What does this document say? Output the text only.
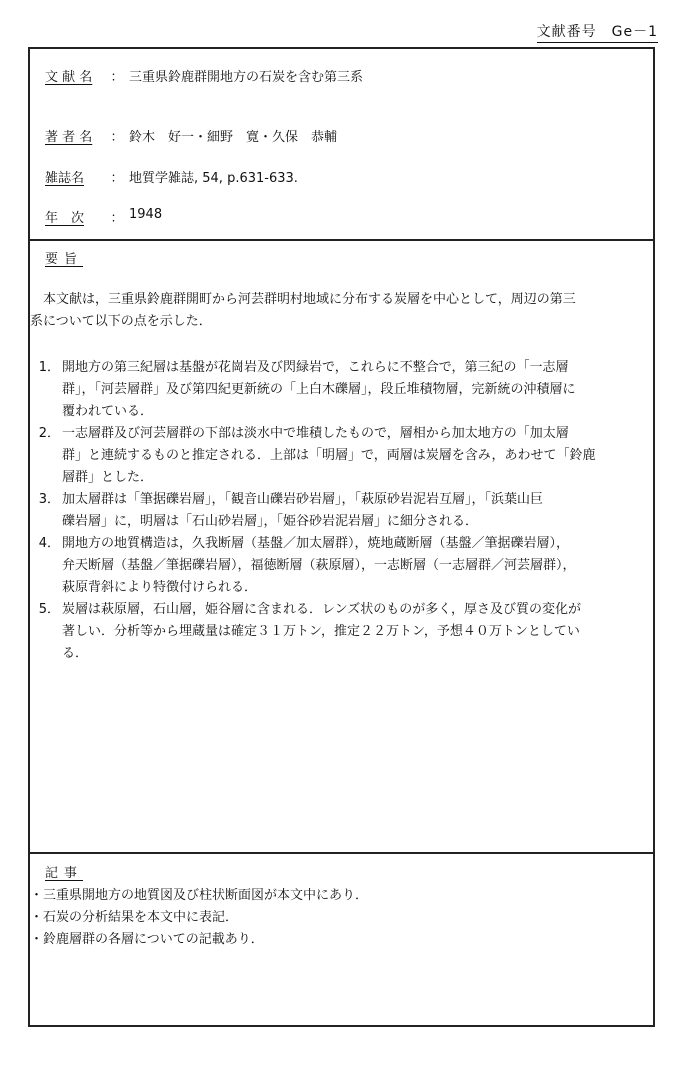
文献番号　Ge－1
文 献 名	： 三重県鈴鹿群開地方の石炭を含む第三系
著 者 名	： 鈴木　好一・細野　寛・久保　恭輔
雑誌名	： 地質学雑誌, 54, p.631-633.
年　次	： 1948
要旨
　本文献は，三重県鈴鹿群開町から河芸群明村地域に分布する炭層を中心として，周辺の第三
系について以下の点を示した．
1． 開地方の第三紀層は基盤が花崗岩及び閃緑岩で，これらに不整合で，第三紀の「一志層
群」，「河芸層群」及び第四紀更新統の「上白木礫層」，段丘堆積物層，完新統の沖積層に
覆われている．
2． 一志層群及び河芸層群の下部は淡水中で堆積したもので，層相から加太地方の「加太層
群」と連続するものと推定される．上部は「明層」で，両層は炭層を含み，あわせて「鈴鹿
層群」とした．
3． 加太層群は「筆据礫岩層」，「観音山礫岩砂岩層」，「萩原砂岩泥岩互層」，「浜葉山巨
礫岩層」に，明層は「石山砂岩層」，「姫谷砂岩泥岩層」に細分される．
4． 開地方の地質構造は，久我断層（基盤／加太層群），焼地蔵断層（基盤／筆据礫岩層），
弁天断層（基盤／筆据礫岩層），福徳断層（萩原層），一志断層（一志層群／河芸層群），
萩原背斜により特徴付けられる．
5． 炭層は萩原層，石山層，姫谷層に含まれる．レンズ状のものが多く，厚さ及び質の変化が
著しい．分析等から埋蔵量は確定３１万トン，推定２２万トン，予想４０万トンとしてい
る．
記事
・三重県開地方の地質図及び柱状断面図が本文中にあり．
・石炭の分析結果を本文中に表記．
・鈴鹿層群の各層についての記載あり．
